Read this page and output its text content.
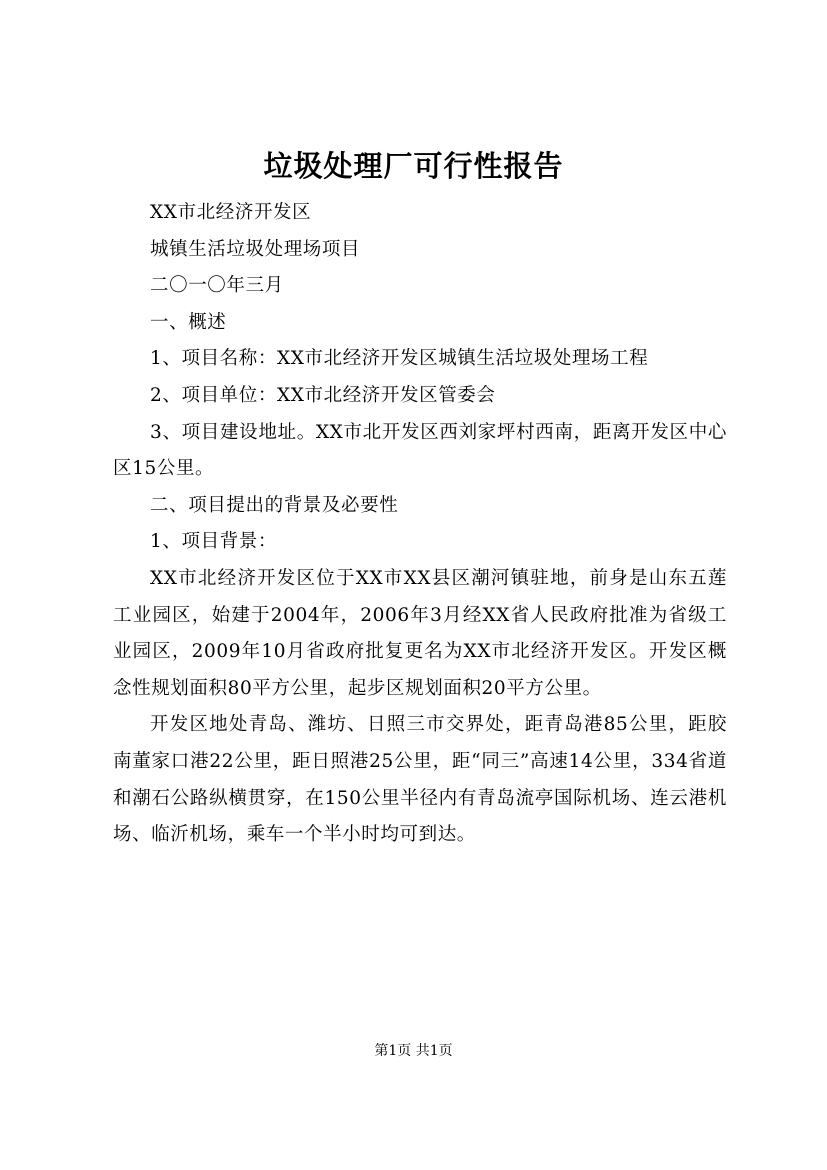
垃圾处理厂可行性报告

XX市北经济开发区

城镇生活垃圾处理场项目

二〇一〇年三月

一、概述

1、项目名称：XX市北经济开发区城镇生活垃圾处理场工程

2、项目单位：XX市北经济开发区管委会

3、项目建设地址。XX市北开发区西刘家坪村西南，距离开发区中心区15公里。

二、项目提出的背景及必要性

1、项目背景：

XX市北经济开发区位于XX市XX县区潮河镇驻地，前身是山东五莲工业园区，始建于2004年，2006年3月经XX省人民政府批准为省级工业园区，2009年10月省政府批复更名为XX市北经济开发区。开发区概念性规划面积80平方公里，起步区规划面积20平方公里。

开发区地处青岛、潍坊、日照三市交界处，距青岛港85公里，距胶南董家口港22公里，距日照港25公里，距“同三”高速14公里，334省道和潮石公路纵横贯穿，在150公里半径内有青岛流亭国际机场、连云港机场、临沂机场，乘车一个半小时均可到达。

第1页 共1页
